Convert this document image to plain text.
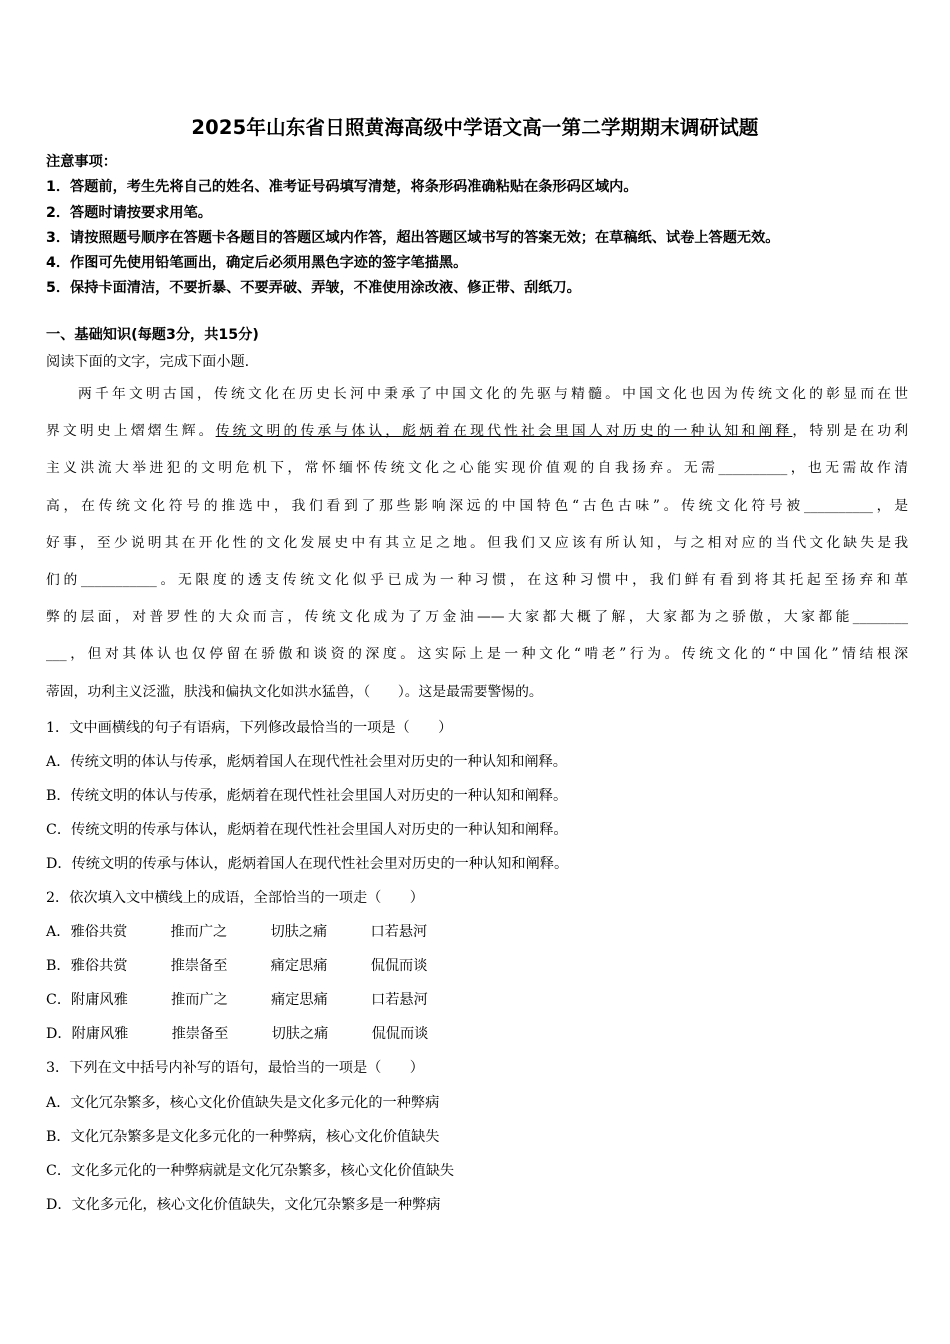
2025年山东省日照黄海高级中学语文高一第二学期期末调研试题
注意事项：
1．答题前，考生先将自己的姓名、准考证号码填写清楚，将条形码准确粘贴在条形码区域内。
2．答题时请按要求用笔。
3．请按照题号顺序在答题卡各题目的答题区域内作答，超出答题区域书写的答案无效；在草稿纸、试卷上答题无效。
4．作图可先使用铅笔画出，确定后必须用黑色字迹的签字笔描黑。
5．保持卡面清洁，不要折暴、不要弄破、弄皱，不准使用涂改液、修正带、刮纸刀。
一、基础知识(每题3分，共15分)
阅读下面的文字，完成下面小题.
两千年文明古国，传统文化在历史长河中秉承了中国文化的先驱与精髓。中国文化也因为传统文化的彰显而在世
界文明史上熠熠生辉。传统文明的传承与体认，彪炳着在现代性社会里国人对历史的一种认知和阐释，特别是在功利
主义洪流大举进犯的文明危机下，常怀缅怀传统文化之心能实现价值观的自我扬弃。无需__________，也无需故作清
高，在传统文化符号的推选中，我们看到了那些影响深远的中国特色“古色古味”。传统文化符号被__________，是
好事，至少说明其在开化性的文化发展史中有其立足之地。但我们又应该有所认知，与之相对应的当代文化缺失是我
们的___________。无限度的透支传统文化似乎已成为一种习惯，在这种习惯中，我们鲜有看到将其托起至扬弃和革
弊的层面，对普罗性的大众而言，传统文化成为了万金油——大家都大概了解，大家都为之骄傲，大家都能________
___，但对其体认也仅停留在骄傲和谈资的深度。这实际上是一种文化“啃老”行为。传统文化的“中国化”情结根深
蒂固，功利主义泛滥，肤浅和偏执文化如洪水猛兽，（　　）。这是最需要警惕的。
1．文中画横线的句子有语病，下列修改最恰当的一项是（　　）
A．传统文明的体认与传承，彪炳着国人在现代性社会里对历史的一种认知和阐释。
B．传统文明的体认与传承，彪炳着在现代性社会里国人对历史的一种认知和阐释。
C．传统文明的传承与体认，彪炳着在现代性社会里国人对历史的一种认知和阐释。
D．传统文明的传承与体认，彪炳着国人在现代性社会里对历史的一种认知和阐释。
2．依次填入文中横线上的成语，全部恰当的一项走（　　）
A．雅俗共赏	推而广之	切肤之痛	口若悬河
B．雅俗共赏	推崇备至	痛定思痛	侃侃而谈
C．附庸风雅	推而广之	痛定思痛	口若悬河
D．附庸风雅	推崇备至	切肤之痛	侃侃而谈
3．下列在文中括号内补写的语句，最恰当的一项是（　　）
A．文化冗杂繁多，核心文化价值缺失是文化多元化的一种弊病
B．文化冗杂繁多是文化多元化的一种弊病，核心文化价值缺失
C．文化多元化的一种弊病就是文化冗杂繁多，核心文化价值缺失
D．文化多元化，核心文化价值缺失，文化冗杂繁多是一种弊病
